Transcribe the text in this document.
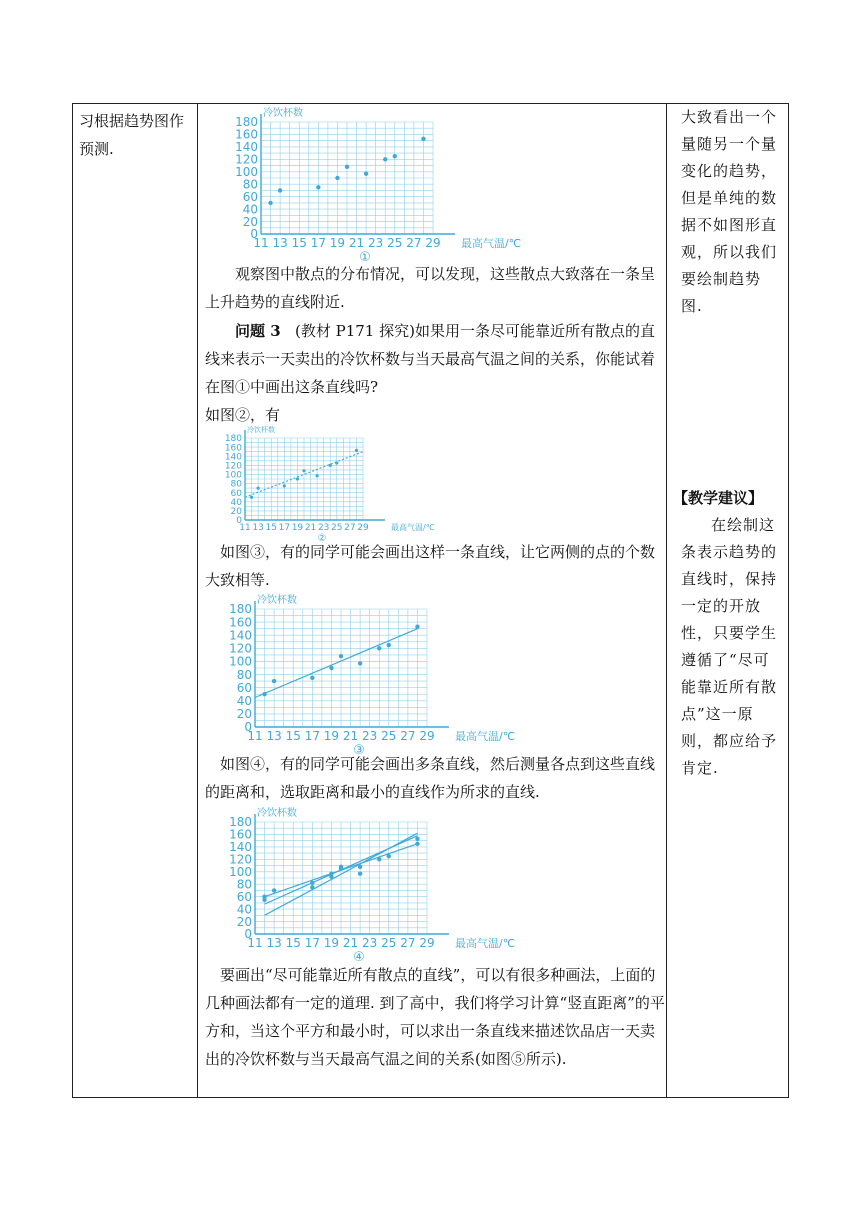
习根据趋势图作预测.
冷饮杯数
0
20
40
60
80
100
120
140
160
180
11 13 15 17 19 21 23 25 27 29 最高气温/℃
①

观察图中散点的分布情况，可以发现，这些散点大致落在一条呈上升趋势的直线附近.

问题 3 (教材 P171 探究)如果用一条尽可能靠近所有散点的直线来表示一天卖出的冷饮杯数与当天最高气温之间的关系，你能试着在图①中画出这条直线吗?

如图②，有

冷饮杯数
0
20
40
60
80
100
120
140
160
180
11 13 15 17 19 21 23 25 27 29	最高气温/℃
②

如图③，有的同学可能会画出这样一条直线，让它两侧的点的个数大致相等.

冷饮杯数
0
20
40
60
80
100
120
140
160
180
11 13 15 17 19 21 23 25 27 29 最高气温/℃
③

如图④，有的同学可能会画出多条直线，然后测量各点到这些直线的距离和，选取距离和最小的直线作为所求的直线.

冷饮杯数
0
20
40
60
80
100
120
140
160
180
11 13 15 17 19 21 23 25 27 29 最高气温/℃
④

要画出“尽可能靠近所有散点的直线”，可以有很多种画法，上面的几种画法都有一定的道理. 到了高中，我们将学习计算“竖直距离”的平方和，当这个平方和最小时，可以求出一条直线来描述饮品店一天卖出的冷饮杯数与当天最高气温之间的关系(如图⑤所示).

大致看出一个量随另一个量变化的趋势，但是单纯的数据不如图形直观，所以我们要绘制趋势图.
【教学建议】
在绘制这条表示趋势的直线时，保持一定的开放性，只要学生遵循了“尽可能靠近所有散点”这一原则，都应给予肯定.
